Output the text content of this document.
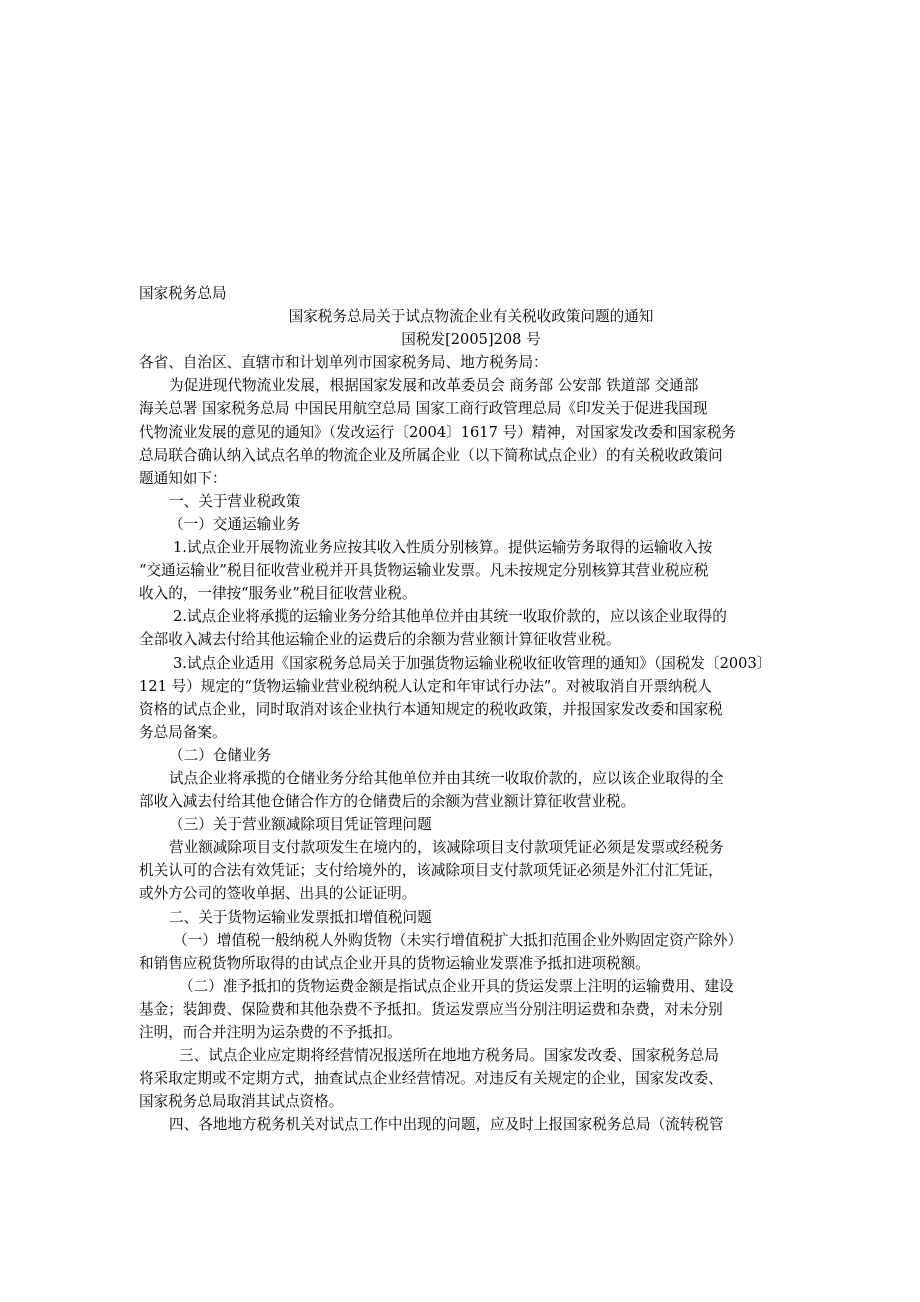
国家税务总局
国家税务总局关于试点物流企业有关税收政策问题的通知
国税发[2005]208 号
各省、自治区、直辖市和计划单列市国家税务局、地方税务局：
为促进现代物流业发展，根据国家发展和改革委员会 商务部 公安部 铁道部 交通部
海关总署 国家税务总局 中国民用航空总局 国家工商行政管理总局《印发关于促进我国现
代物流业发展的意见的通知》（发改运行〔2004〕1617 号）精神，对国家发改委和国家税务
总局联合确认纳入试点名单的物流企业及所属企业（以下简称试点企业）的有关税收政策问
题通知如下：
一、关于营业税政策
（一）交通运输业务
1.试点企业开展物流业务应按其收入性质分别核算。提供运输劳务取得的运输收入按
“交通运输业”税目征收营业税并开具货物运输业发票。凡未按规定分别核算其营业税应税
收入的，一律按“服务业”税目征收营业税。
2.试点企业将承揽的运输业务分给其他单位并由其统一收取价款的，应以该企业取得的
全部收入减去付给其他运输企业的运费后的余额为营业额计算征收营业税。
3.试点企业适用《国家税务总局关于加强货物运输业税收征收管理的通知》（国税发〔2003〕
121 号）规定的“货物运输业营业税纳税人认定和年审试行办法”。对被取消自开票纳税人
资格的试点企业，同时取消对该企业执行本通知规定的税收政策，并报国家发改委和国家税
务总局备案。
（二）仓储业务
试点企业将承揽的仓储业务分给其他单位并由其统一收取价款的，应以该企业取得的全
部收入减去付给其他仓储合作方的仓储费后的余额为营业额计算征收营业税。
（三）关于营业额减除项目凭证管理问题
营业额减除项目支付款项发生在境内的，该减除项目支付款项凭证必须是发票或经税务
机关认可的合法有效凭证；支付给境外的，该减除项目支付款项凭证必须是外汇付汇凭证，
或外方公司的签收单据、出具的公证证明。
二、关于货物运输业发票抵扣增值税问题
（一）增值税一般纳税人外购货物（未实行增值税扩大抵扣范围企业外购固定资产除外）
和销售应税货物所取得的由试点企业开具的货物运输业发票准予抵扣进项税额。
（二）准予抵扣的货物运费金额是指试点企业开具的货运发票上注明的运输费用、建设
基金；装卸费、保险费和其他杂费不予抵扣。货运发票应当分别注明运费和杂费，对未分别
注明，而合并注明为运杂费的不予抵扣。
三、试点企业应定期将经营情况报送所在地地方税务局。国家发改委、国家税务总局
将采取定期或不定期方式，抽查试点企业经营情况。对违反有关规定的企业，国家发改委、
国家税务总局取消其试点资格。
四、各地地方税务机关对试点工作中出现的问题，应及时上报国家税务总局（流转税管
